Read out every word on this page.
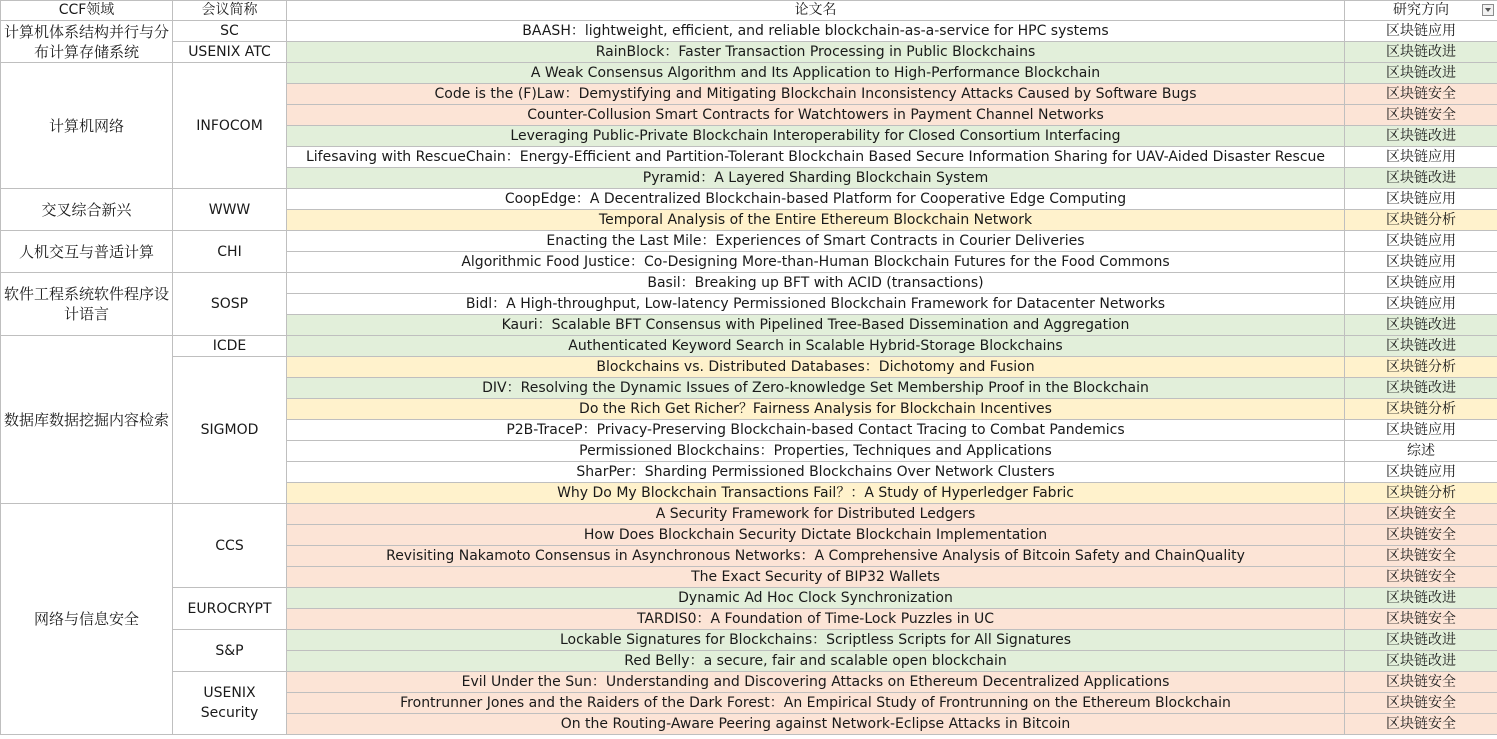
CCF领域	会议简称	论文名	研究方向

计算机体系结构并行与分布计算存储系统	SC	BAASH：lightweight, efficient, and reliable blockchain-as-a-service for HPC systems	区块链应用
	USENIX ATC	RainBlock：Faster Transaction Processing in Public Blockchains	区块链改进
计算机网络	INFOCOM	A Weak Consensus Algorithm and Its Application to High-Performance Blockchain	区块链改进
		Code is the (F)Law：Demystifying and Mitigating Blockchain Inconsistency Attacks Caused by Software Bugs	区块链安全
		Counter-Collusion Smart Contracts for Watchtowers in Payment Channel Networks	区块链安全
		Leveraging Public-Private Blockchain Interoperability for Closed Consortium Interfacing	区块链改进
		Lifesaving with RescueChain：Energy-Efficient and Partition-Tolerant Blockchain Based Secure Information Sharing for UAV-Aided Disaster Rescue	区块链应用
		Pyramid：A Layered Sharding Blockchain System	区块链改进
交叉综合新兴	WWW	CoopEdge：A Decentralized Blockchain-based Platform for Cooperative Edge Computing	区块链应用
		Temporal Analysis of the Entire Ethereum Blockchain Network	区块链分析
人机交互与普适计算	CHI	Enacting the Last Mile：Experiences of Smart Contracts in Courier Deliveries	区块链应用
		Algorithmic Food Justice：Co-Designing More-than-Human Blockchain Futures for the Food Commons	区块链应用
软件工程系统软件程序设计语言	SOSP	Basil：Breaking up BFT with ACID (transactions)	区块链应用
		Bidl：A High-throughput, Low-latency Permissioned Blockchain Framework for Datacenter Networks	区块链应用
		Kauri：Scalable BFT Consensus with Pipelined Tree-Based Dissemination and Aggregation	区块链改进
数据库数据挖掘内容检索	ICDE	Authenticated Keyword Search in Scalable Hybrid-Storage Blockchains	区块链改进
	SIGMOD	Blockchains vs. Distributed Databases：Dichotomy and Fusion	区块链分析
		DIV：Resolving the Dynamic Issues of Zero-knowledge Set Membership Proof in the Blockchain	区块链改进
		Do the Rich Get Richer？Fairness Analysis for Blockchain Incentives	区块链分析
		P2B-TraceP：Privacy-Preserving Blockchain-based Contact Tracing to Combat Pandemics	区块链应用
		Permissioned Blockchains：Properties, Techniques and Applications	综述
		SharPer：Sharding Permissioned Blockchains Over Network Clusters	区块链应用
		Why Do My Blockchain Transactions Fail？：A Study of Hyperledger Fabric	区块链分析
网络与信息安全	CCS	A Security Framework for Distributed Ledgers	区块链安全
		How Does Blockchain Security Dictate Blockchain Implementation	区块链安全
		Revisiting Nakamoto Consensus in Asynchronous Networks：A Comprehensive Analysis of Bitcoin Safety and ChainQuality	区块链安全
		The Exact Security of BIP32 Wallets	区块链安全
	EUROCRYPT	Dynamic Ad Hoc Clock Synchronization	区块链改进
		TARDIS0：A Foundation of Time-Lock Puzzles in UC	区块链安全
	S&P	Lockable Signatures for Blockchains：Scriptless Scripts for All Signatures	区块链改进
		Red Belly：a secure, fair and scalable open blockchain	区块链改进
	USENIX Security	Evil Under the Sun：Understanding and Discovering Attacks on Ethereum Decentralized Applications	区块链安全
		Frontrunner Jones and the Raiders of the Dark Forest：An Empirical Study of Frontrunning on the Ethereum Blockchain	区块链安全
		On the Routing-Aware Peering against Network-Eclipse Attacks in Bitcoin	区块链安全
